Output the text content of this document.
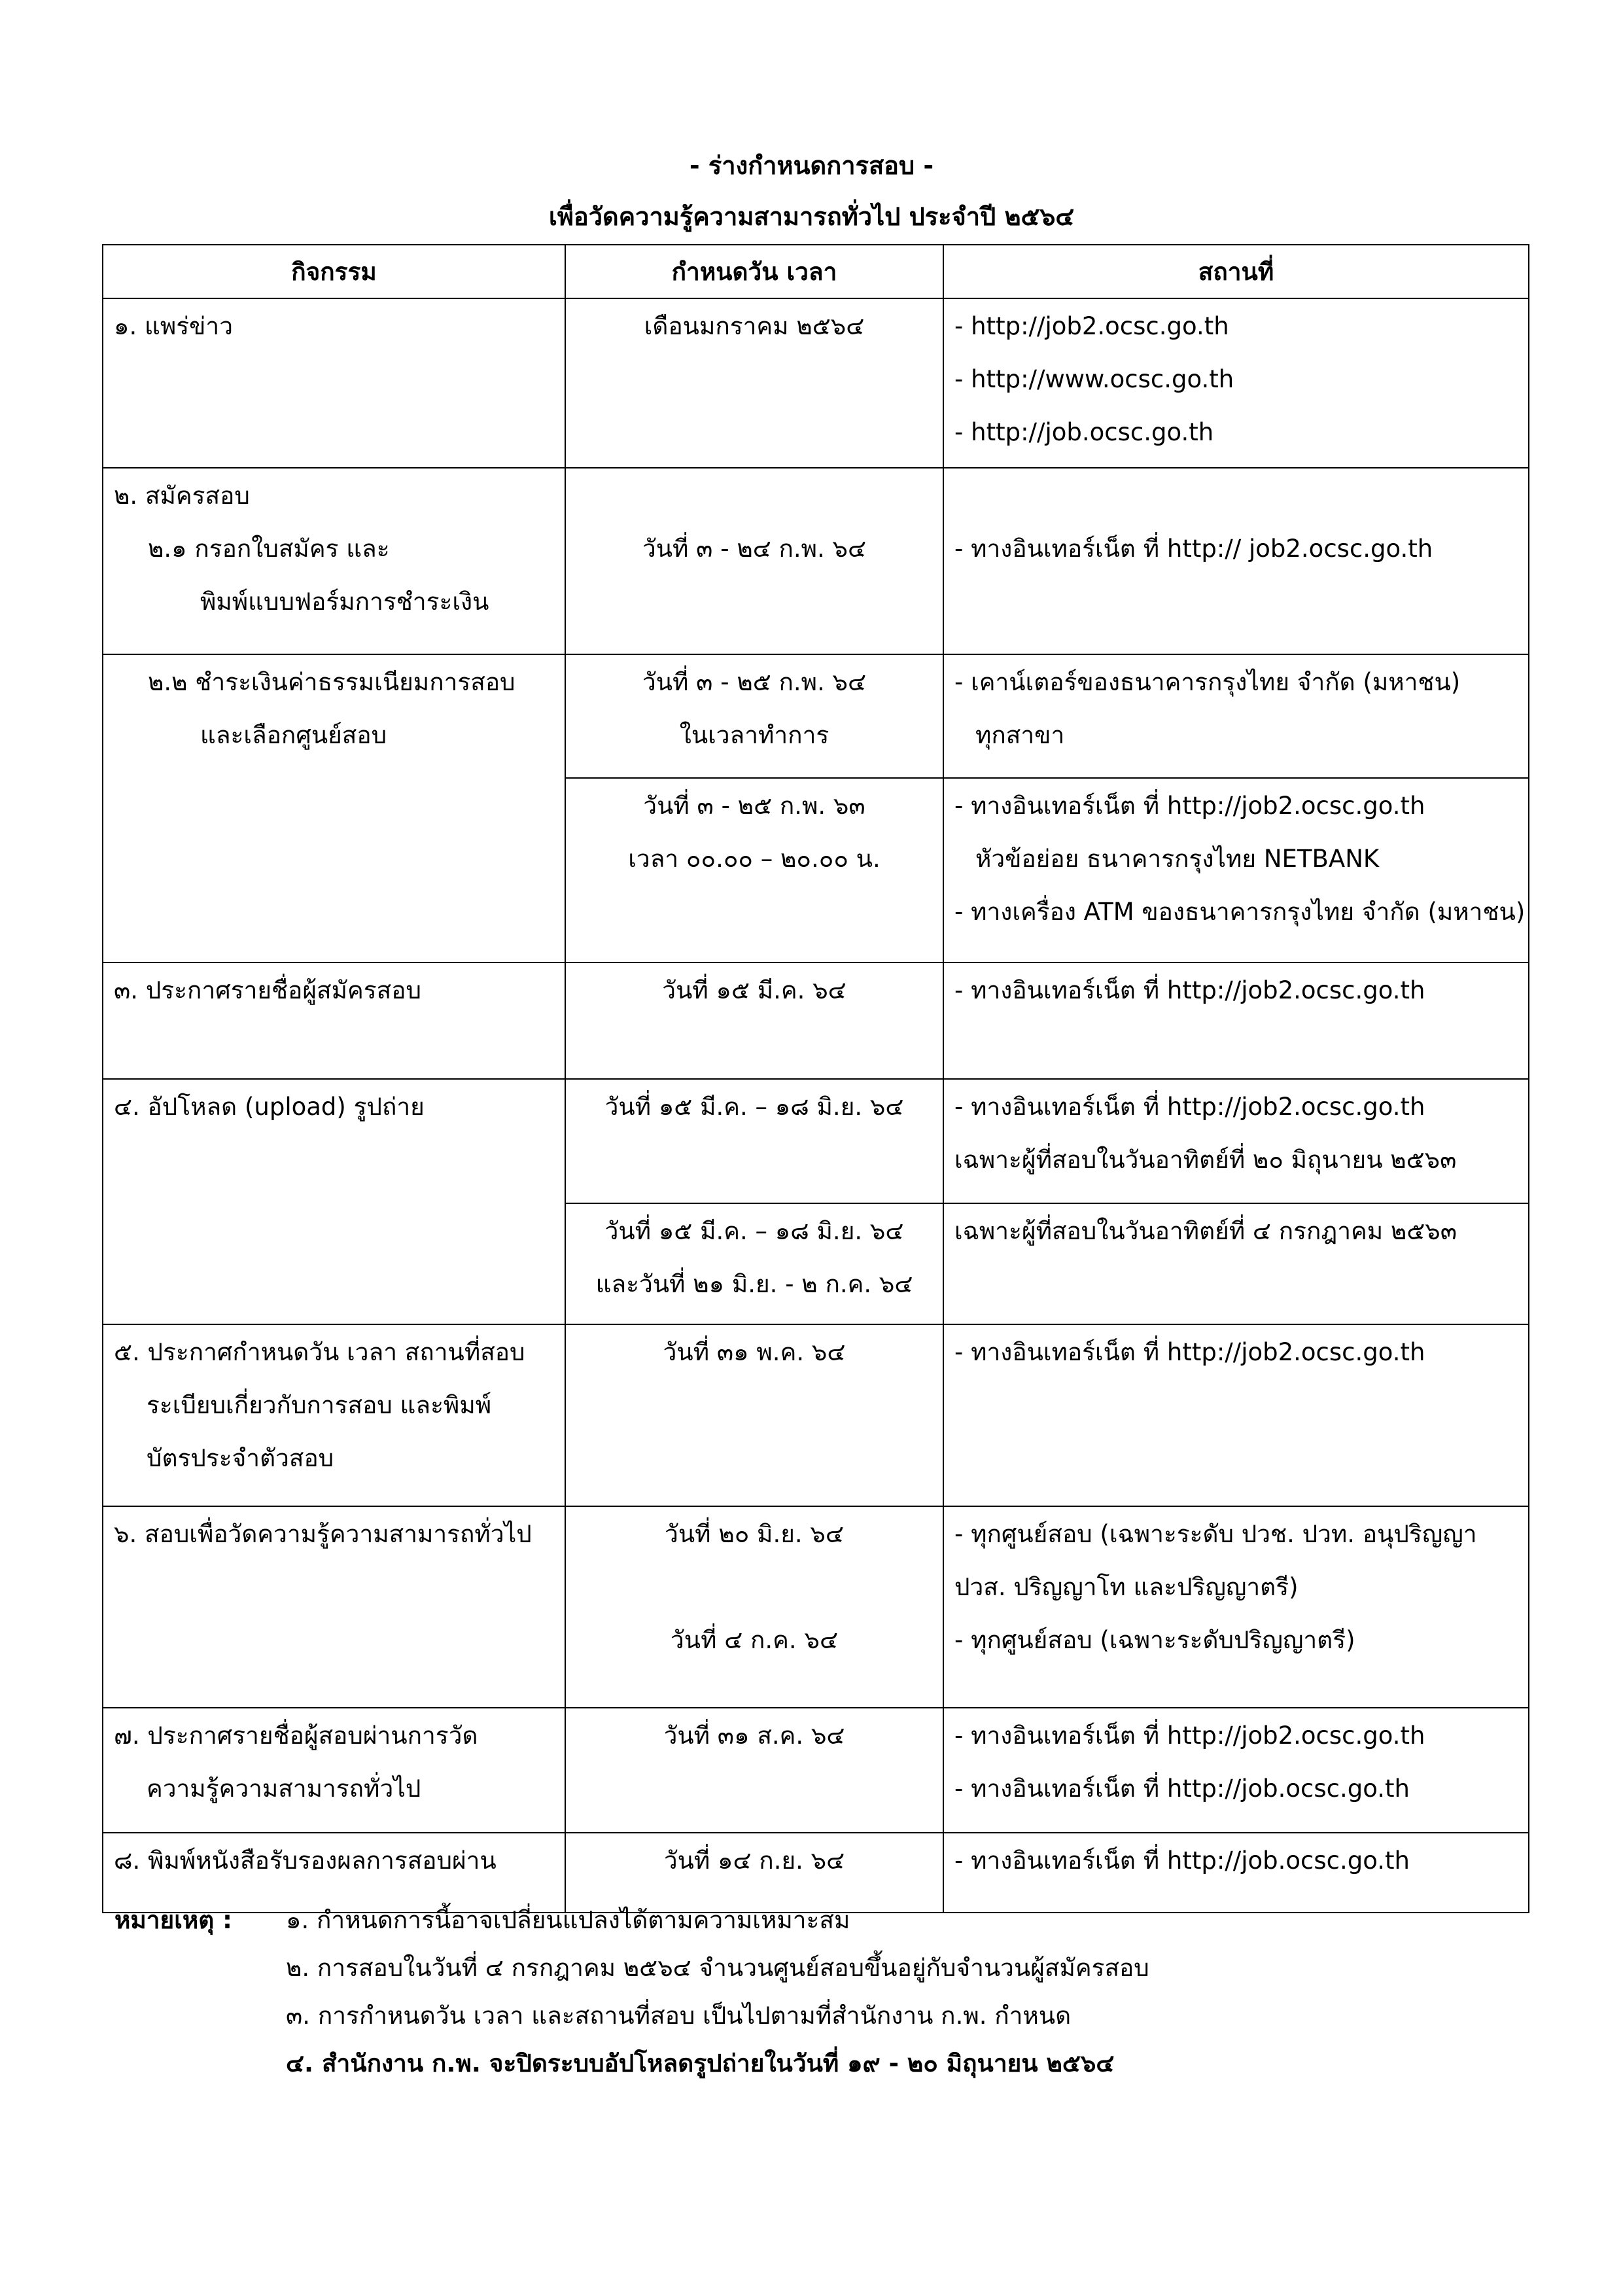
- ร่างกำหนดการสอบ -
เพื่อวัดความรู้ความสามารถทั่วไป ประจำปี ๒๕๖๔
กิจกรรม	กำหนดวัน เวลา	สถานที่

๑. แพร่ข่าว	เดือนมกราคม ๒๕๖๔	- http://job2.ocsc.go.th
- http://www.ocsc.go.th
- http://job.ocsc.go.th

๒. สมัครสอบ
๒.๑ กรอกใบสมัคร และ
พิมพ์แบบฟอร์มการชำระเงิน	วันที่ ๓ - ๒๔ ก.พ. ๖๔	- ทางอินเทอร์เน็ต ที่ http:// job2.ocsc.go.th

๒.๒ ชำระเงินค่าธรรมเนียมการสอบ
และเลือกศูนย์สอบ	วันที่ ๓ - ๒๕ ก.พ. ๖๔
ในเวลาทำการ	- เคาน์เตอร์ของธนาคารกรุงไทย จำกัด (มหาชน)
ทุกสาขา

	วันที่ ๓ - ๒๕ ก.พ. ๖๓
เวลา ๐๐.๐๐ – ๒๐.๐๐ น.	- ทางอินเทอร์เน็ต ที่ http://job2.ocsc.go.th
หัวข้อย่อย ธนาคารกรุงไทย NETBANK
- ทางเครื่อง ATM ของธนาคารกรุงไทย จำกัด (มหาชน)

๓. ประกาศรายชื่อผู้สมัครสอบ	วันที่ ๑๕ มี.ค. ๖๔	- ทางอินเทอร์เน็ต ที่ http://job2.ocsc.go.th

๔. อัปโหลด (upload) รูปถ่าย	วันที่ ๑๕ มี.ค. – ๑๘ มิ.ย. ๖๔	- ทางอินเทอร์เน็ต ที่ http://job2.ocsc.go.th
เฉพาะผู้ที่สอบในวันอาทิตย์ที่ ๒๐ มิถุนายน ๒๕๖๓

	วันที่ ๑๕ มี.ค. – ๑๘ มิ.ย. ๖๔
และวันที่ ๒๑ มิ.ย. - ๒ ก.ค. ๖๔	เฉพาะผู้ที่สอบในวันอาทิตย์ที่ ๔ กรกฎาคม ๒๕๖๓

๕. ประกาศกำหนดวัน เวลา สถานที่สอบ
ระเบียบเกี่ยวกับการสอบ และพิมพ์
บัตรประจำตัวสอบ	วันที่ ๓๑ พ.ค. ๖๔	- ทางอินเทอร์เน็ต ที่ http://job2.ocsc.go.th

๖. สอบเพื่อวัดความรู้ความสามารถทั่วไป	วันที่ ๒๐ มิ.ย. ๖๔
วันที่ ๔ ก.ค. ๖๔	- ทุกศูนย์สอบ (เฉพาะระดับ ปวช. ปวท. อนุปริญญา
ปวส. ปริญญาโท และปริญญาตรี)
- ทุกศูนย์สอบ (เฉพาะระดับปริญญาตรี)

๗. ประกาศรายชื่อผู้สอบผ่านการวัด
ความรู้ความสามารถทั่วไป	วันที่ ๓๑ ส.ค. ๖๔	- ทางอินเทอร์เน็ต ที่ http://job2.ocsc.go.th
- ทางอินเทอร์เน็ต ที่ http://job.ocsc.go.th

๘. พิมพ์หนังสือรับรองผลการสอบผ่าน	วันที่ ๑๔ ก.ย. ๖๔	- ทางอินเทอร์เน็ต ที่ http://job.ocsc.go.th
หมายเหตุ : ๑. กำหนดการนี้อาจเปลี่ยนแปลงได้ตามความเหมาะสม
๒. การสอบในวันที่ ๔ กรกฎาคม ๒๕๖๔ จำนวนศูนย์สอบขึ้นอยู่กับจำนวนผู้สมัครสอบ
๓. การกำหนดวัน เวลา และสถานที่สอบ เป็นไปตามที่สำนักงาน ก.พ. กำหนด
๔. สำนักงาน ก.พ. จะปิดระบบอัปโหลดรูปถ่ายในวันที่ ๑๙ - ๒๐ มิถุนายน ๒๕๖๔
